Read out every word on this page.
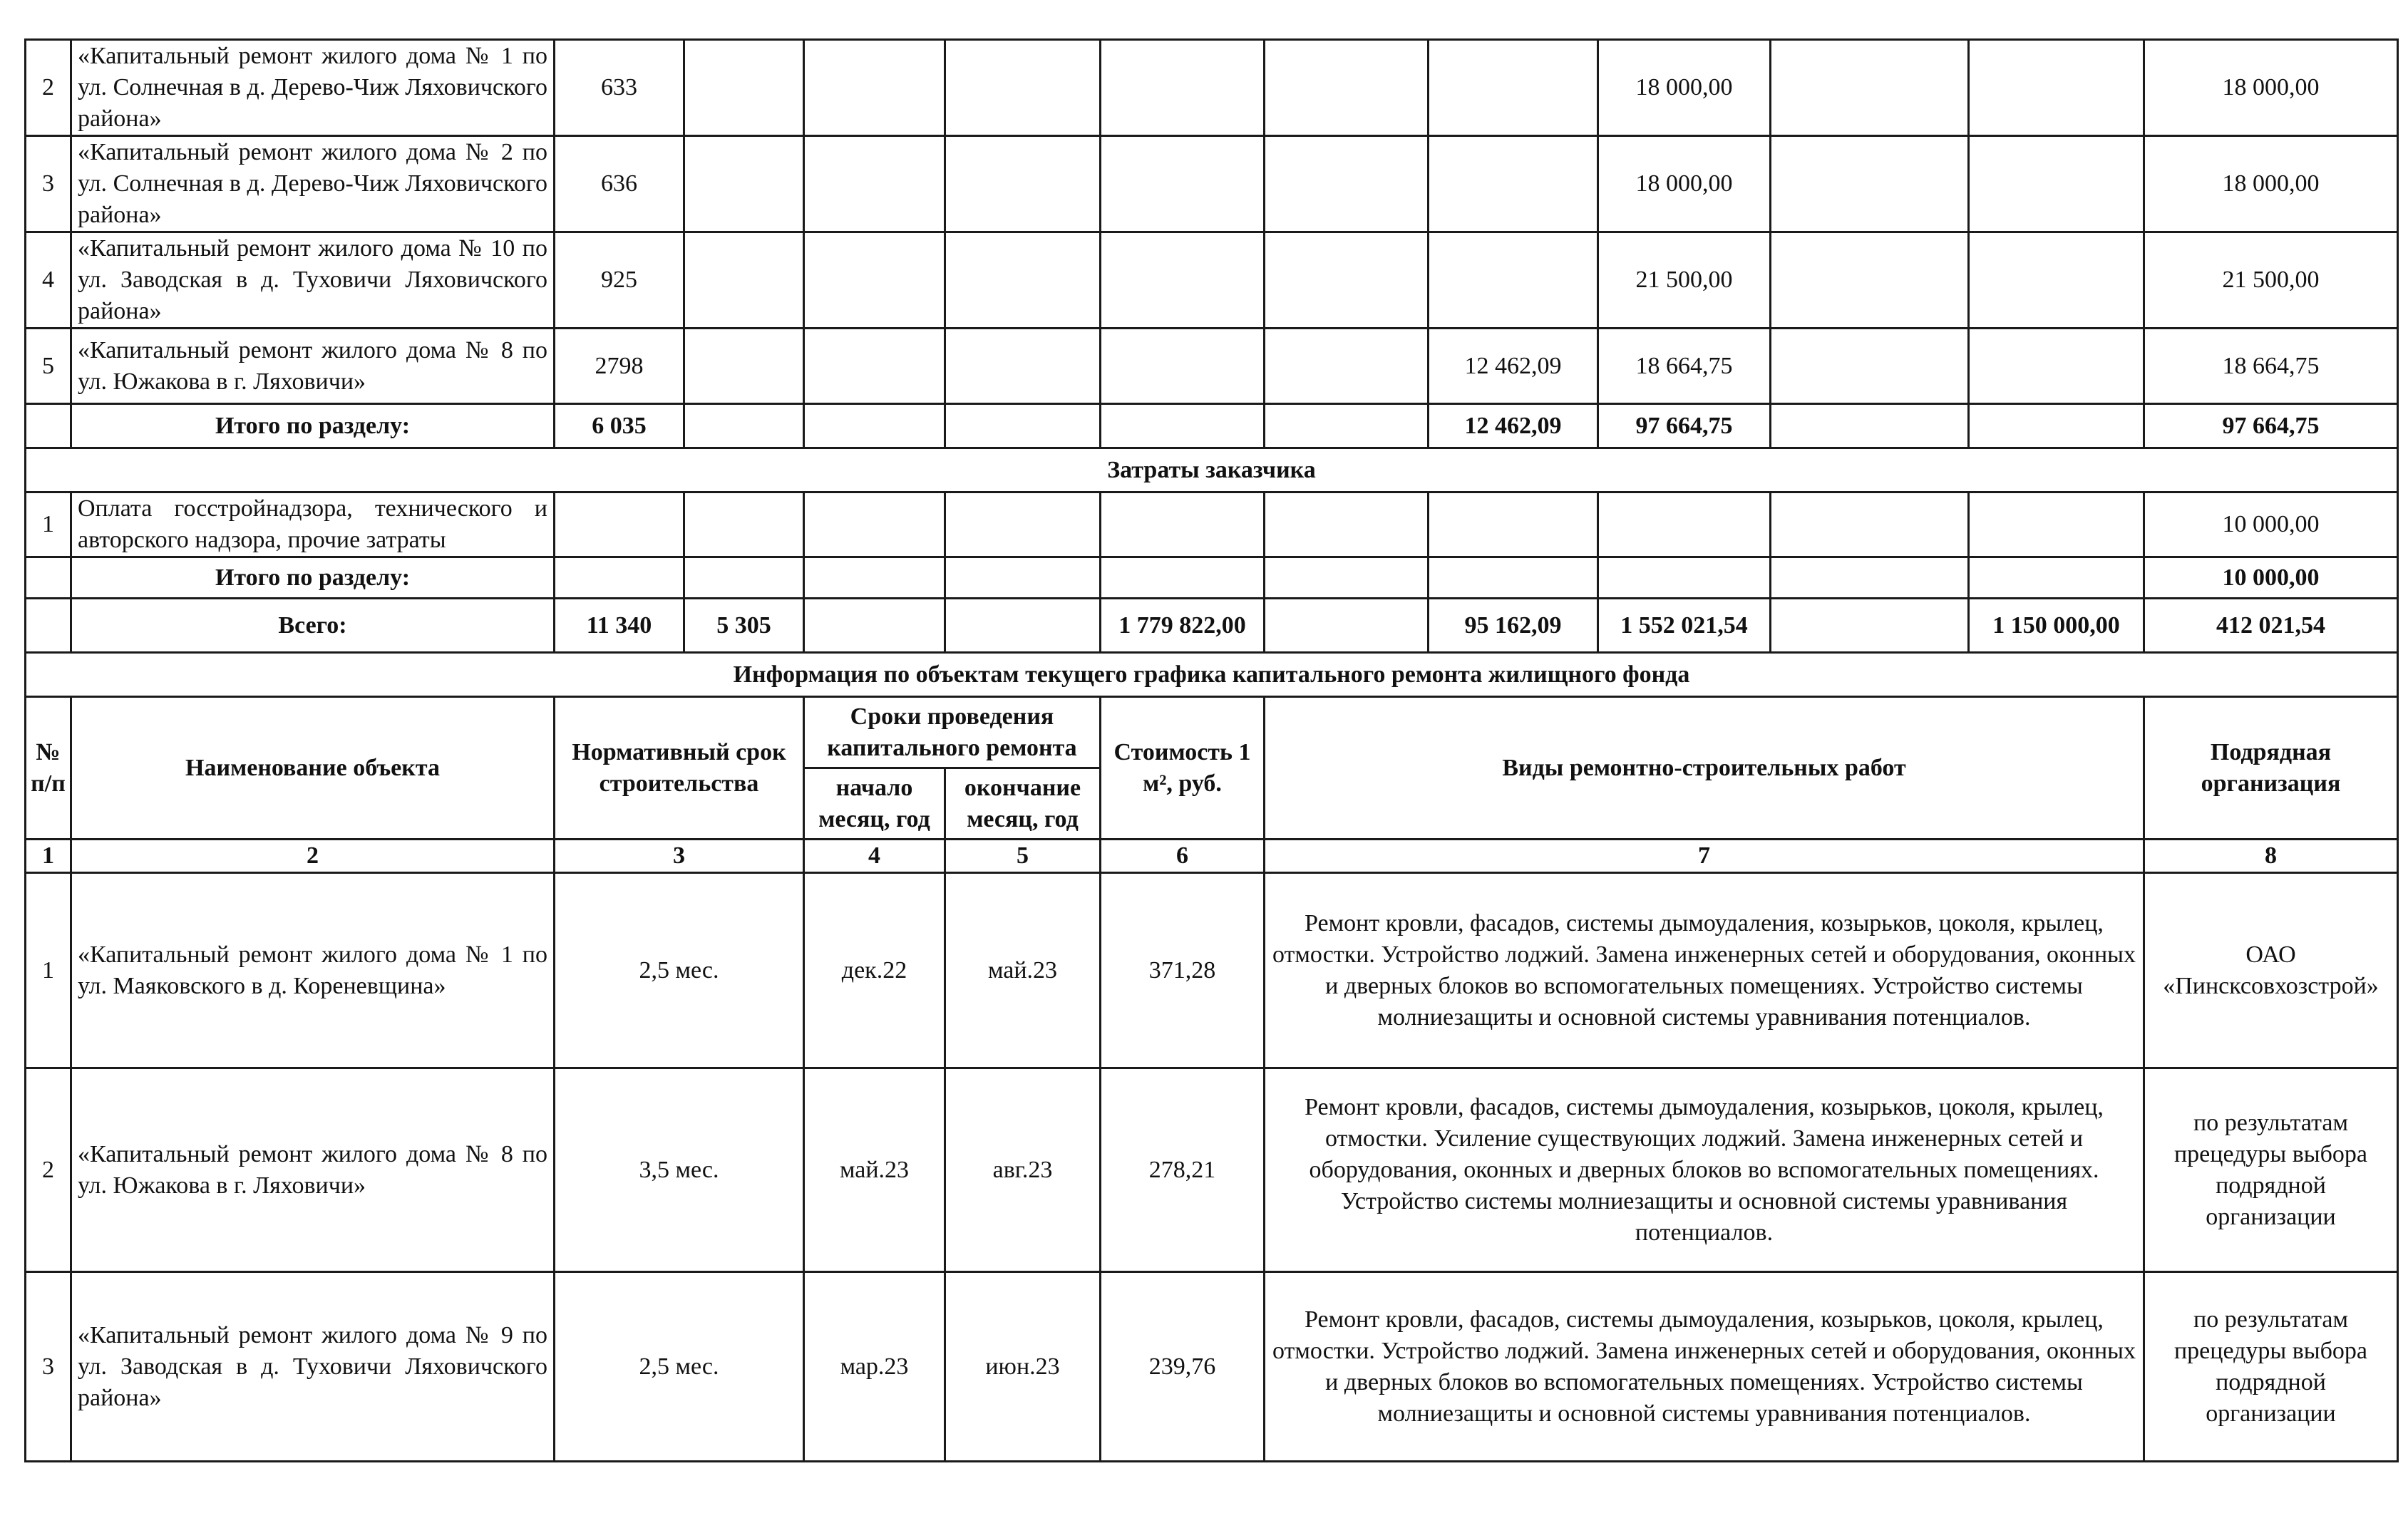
2	«Капитальный ремонт жилого дома № 1 по ул. Солнечная в д. Дерево-Чиж Ляховичского района»	633							18 000,00			18 000,00
3	«Капитальный ремонт жилого дома № 2 по ул. Солнечная в д. Дерево-Чиж Ляховичского района»	636							18 000,00			18 000,00
4	«Капитальный ремонт жилого дома № 10 по ул. Заводская в д. Туховичи Ляховичского района»	925							21 500,00			21 500,00
5	«Капитальный ремонт жилого дома № 8 по ул. Южакова в г. Ляховичи»	2798						12 462,09	18 664,75			18 664,75
	Итого по разделу:	6 035						12 462,09	97 664,75			97 664,75
Затраты заказчика												
1	Оплата госстройнадзора, технического и авторского надзора, прочие затраты											10 000,00
	Итого по разделу:											10 000,00
	Всего:	11 340	5 305			1 779 822,00		95 162,09	1 552 021,54		1 150 000,00	412 021,54
Информация по объектам текущего графика капитального ремонта жилищного фонда												
№ п/п	Наименование объекта	Нормативный срок строительства		Сроки проведения капитального ремонта		Стоимость 1 м², руб.	Виды ремонтно-строительных работ					Подрядная организация
				начало месяц, год	окончание месяц, год							
1	2	3		4	5	6	7					8
1	«Капитальный ремонт жилого дома № 1 по ул. Маяковского в д. Кореневщина»	2,5 мес.		дек.22	май.23	371,28	Ремонт кровли, фасадов, системы дымоудаления, козырьков, цоколя, крылец, отмостки. Устройство лоджий. Замена инженерных сетей и оборудования, оконных и дверных блоков во вспомогательных помещениях. Устройство системы молниезащиты и основной системы уравнивания потенциалов.					ОАО «Пинсксовхозстрой»
2	«Капитальный ремонт жилого дома № 8 по ул. Южакова в г. Ляховичи»	3,5 мес.		май.23	авг.23	278,21	Ремонт кровли, фасадов, системы дымоудаления, козырьков, цоколя, крылец, отмостки. Усиление существующих лоджий. Замена инженерных сетей и оборудования, оконных и дверных блоков во вспомогательных помещениях. Устройство системы молниезащиты и основной системы уравнивания потенциалов.					по результатам прецедуры выбора подрядной организации
3	«Капитальный ремонт жилого дома № 9 по ул. Заводская в д. Туховичи Ляховичского района»	2,5 мес.		мар.23	июн.23	239,76	Ремонт кровли, фасадов, системы дымоудаления, козырьков, цоколя, крылец, отмостки. Устройство лоджий. Замена инженерных сетей и оборудования, оконных и дверных блоков во вспомогательных помещениях. Устройство системы молниезащиты и основной системы уравнивания потенциалов.					по результатам прецедуры выбора подрядной организации
